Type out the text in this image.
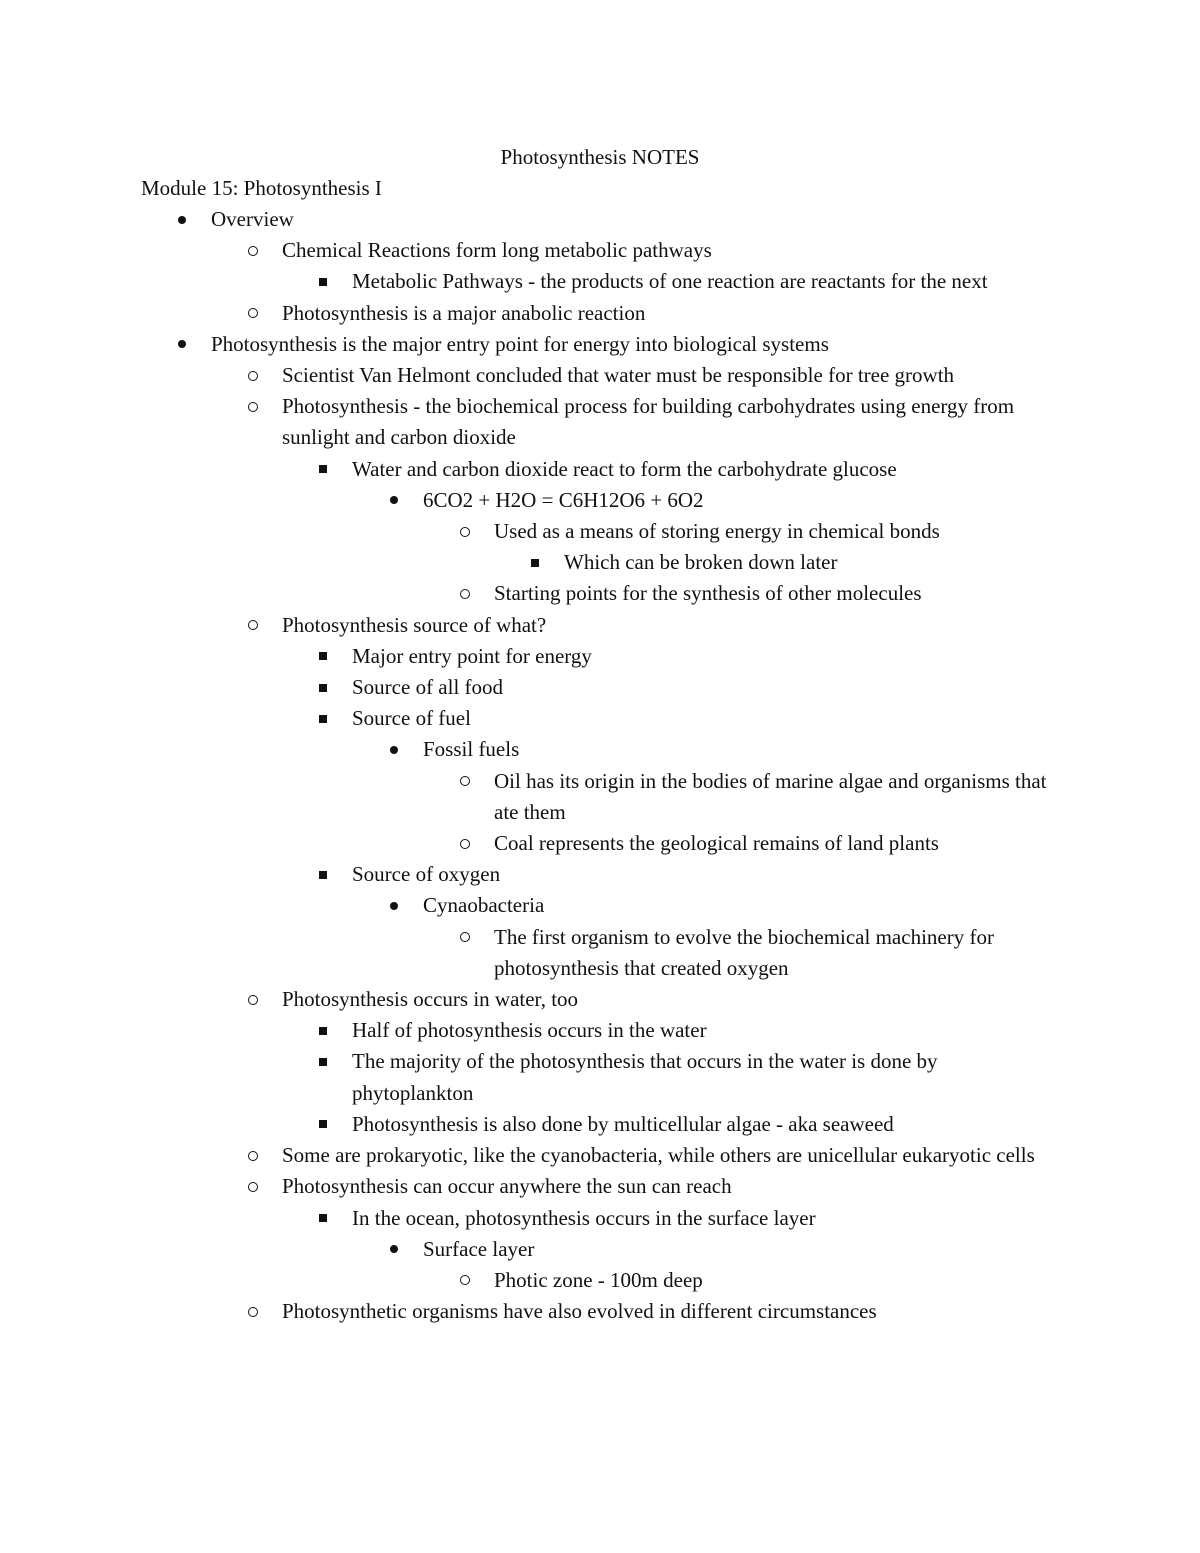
Photosynthesis NOTES
Module 15: Photosynthesis I
Overview
Chemical Reactions form long metabolic pathways
Metabolic Pathways - the products of one reaction are reactants for the next
Photosynthesis is a major anabolic reaction
Photosynthesis is the major entry point for energy into biological systems
Scientist Van Helmont concluded that water must be responsible for tree growth
Photosynthesis - the biochemical process for building carbohydrates using energy from sunlight and carbon dioxide
Water and carbon dioxide react to form the carbohydrate glucose
6CO2 + H2O = C6H12O6 + 6O2
Used as a means of storing energy in chemical bonds
Which can be broken down later
Starting points for the synthesis of other molecules
Photosynthesis source of what?
Major entry point for energy
Source of all food
Source of fuel
Fossil fuels
Oil has its origin in the bodies of marine algae and organisms that ate them
Coal represents the geological remains of land plants
Source of oxygen
Cynaobacteria
The first organism to evolve the biochemical machinery for photosynthesis that created oxygen
Photosynthesis occurs in water, too
Half of photosynthesis occurs in the water
The majority of the photosynthesis that occurs in the water is done by phytoplankton
Photosynthesis is also done by multicellular algae - aka seaweed
Some are prokaryotic, like the cyanobacteria, while others are unicellular eukaryotic cells
Photosynthesis can occur anywhere the sun can reach
In the ocean, photosynthesis occurs in the surface layer
Surface layer
Photic zone - 100m deep
Photosynthetic organisms have also evolved in different circumstances
